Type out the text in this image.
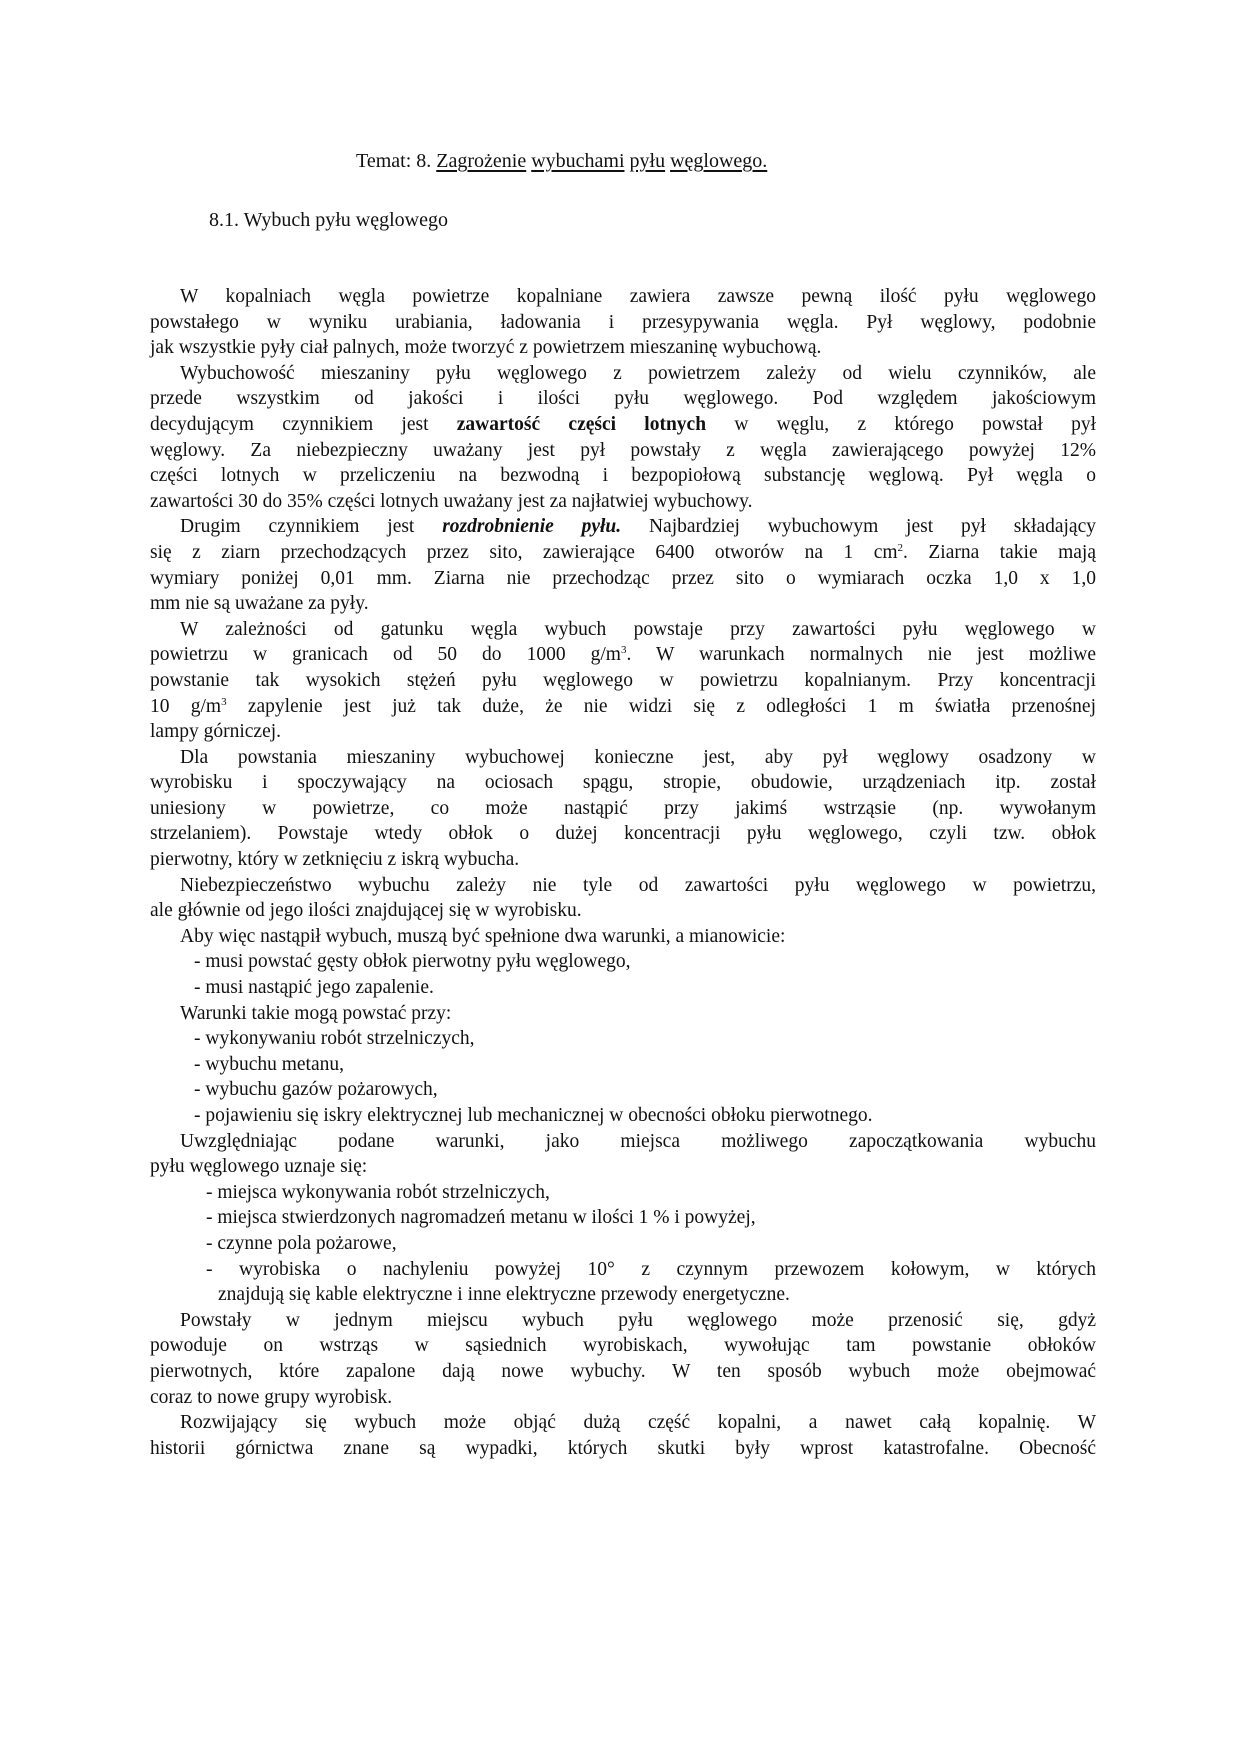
Temat: 8. Zagrożenie wybuchami pyłu węglowego.
8.1. Wybuch pyłu węglowego
W kopalniach węgla powietrze kopalniane zawiera zawsze pewną ilość pyłu węglowego
powstałego w wyniku urabiania, ładowania i przesypywania węgla. Pył węglowy, podobnie
jak wszystkie pyły ciał palnych, może tworzyć z powietrzem mieszaninę wybuchową.
Wybuchowość mieszaniny pyłu węglowego z powietrzem zależy od wielu czynników, ale
przede wszystkim od jakości i ilości pyłu węglowego. Pod względem jakościowym
decydującym czynnikiem jest zawartość części lotnych w węglu, z którego powstał pył
węglowy. Za niebezpieczny uważany jest pył powstały z węgla zawierającego powyżej 12%
części lotnych w przeliczeniu na bezwodną i bezpopiołową substancję węglową. Pył węgla o
zawartości 30 do 35% części lotnych uważany jest za najłatwiej wybuchowy.
Drugim czynnikiem jest rozdrobnienie pyłu. Najbardziej wybuchowym jest pył składający
się z ziarn przechodzących przez sito, zawierające 6400 otworów na 1 $cm^2$. Ziarna takie mają
wymiary poniżej 0,01 mm. Ziarna nie przechodząc przez sito o wymiarach oczka 1,0 x 1,0
mm nie są uważane za pyły.
W zależności od gatunku węgla wybuch powstaje przy zawartości pyłu węglowego w
powietrzu w granicach od 50 do 1000 $g/m^3$. W warunkach normalnych nie jest możliwe
powstanie tak wysokich stężeń pyłu węglowego w powietrzu kopalnianym. Przy koncentracji
10 $g/m^3$ zapylenie jest już tak duże, że nie widzi się z odległości 1 m światła przenośnej
lampy górniczej.
Dla powstania mieszaniny wybuchowej konieczne jest, aby pył węglowy osadzony w
wyrobisku i spoczywający na ociosach spągu, stropie, obudowie, urządzeniach itp. został
uniesiony w powietrze, co może nastąpić przy jakimś wstrząsie (np. wywołanym
strzelaniem). Powstaje wtedy obłok o dużej koncentracji pyłu węglowego, czyli tzw. obłok
pierwotny, który w zetknięciu z iskrą wybucha.
Niebezpieczeństwo wybuchu zależy nie tyle od zawartości pyłu węglowego w powietrzu,
ale głównie od jego ilości znajdującej się w wyrobisku.
Aby więc nastąpił wybuch, muszą być spełnione dwa warunki, a mianowicie:
- musi powstać gęsty obłok pierwotny pyłu węglowego,
- musi nastąpić jego zapalenie.
Warunki takie mogą powstać przy:
- wykonywaniu robót strzelniczych,
- wybuchu metanu,
- wybuchu gazów pożarowych,
- pojawieniu się iskry elektrycznej lub mechanicznej w obecności obłoku pierwotnego.
Uwzględniając podane warunki, jako miejsca możliwego zapoczątkowania wybuchu
pyłu węglowego uznaje się:
- miejsca wykonywania robót strzelniczych,
- miejsca stwierdzonych nagromadzeń metanu w ilości 1 % i powyżej,
- czynne pola pożarowe,
- wyrobiska o nachyleniu powyżej 10° z czynnym przewozem kołowym, w których
znajdują się kable elektryczne i inne elektryczne przewody energetyczne.
Powstały w jednym miejscu wybuch pyłu węglowego może przenosić się, gdyż
powoduje on wstrząs w sąsiednich wyrobiskach, wywołując tam powstanie obłoków
pierwotnych, które zapalone dają nowe wybuchy. W ten sposób wybuch może obejmować
coraz to nowe grupy wyrobisk.
Rozwijający się wybuch może objąć dużą część kopalni, a nawet całą kopalnię. W
historii górnictwa znane są wypadki, których skutki były wprost katastrofalne. Obecność
